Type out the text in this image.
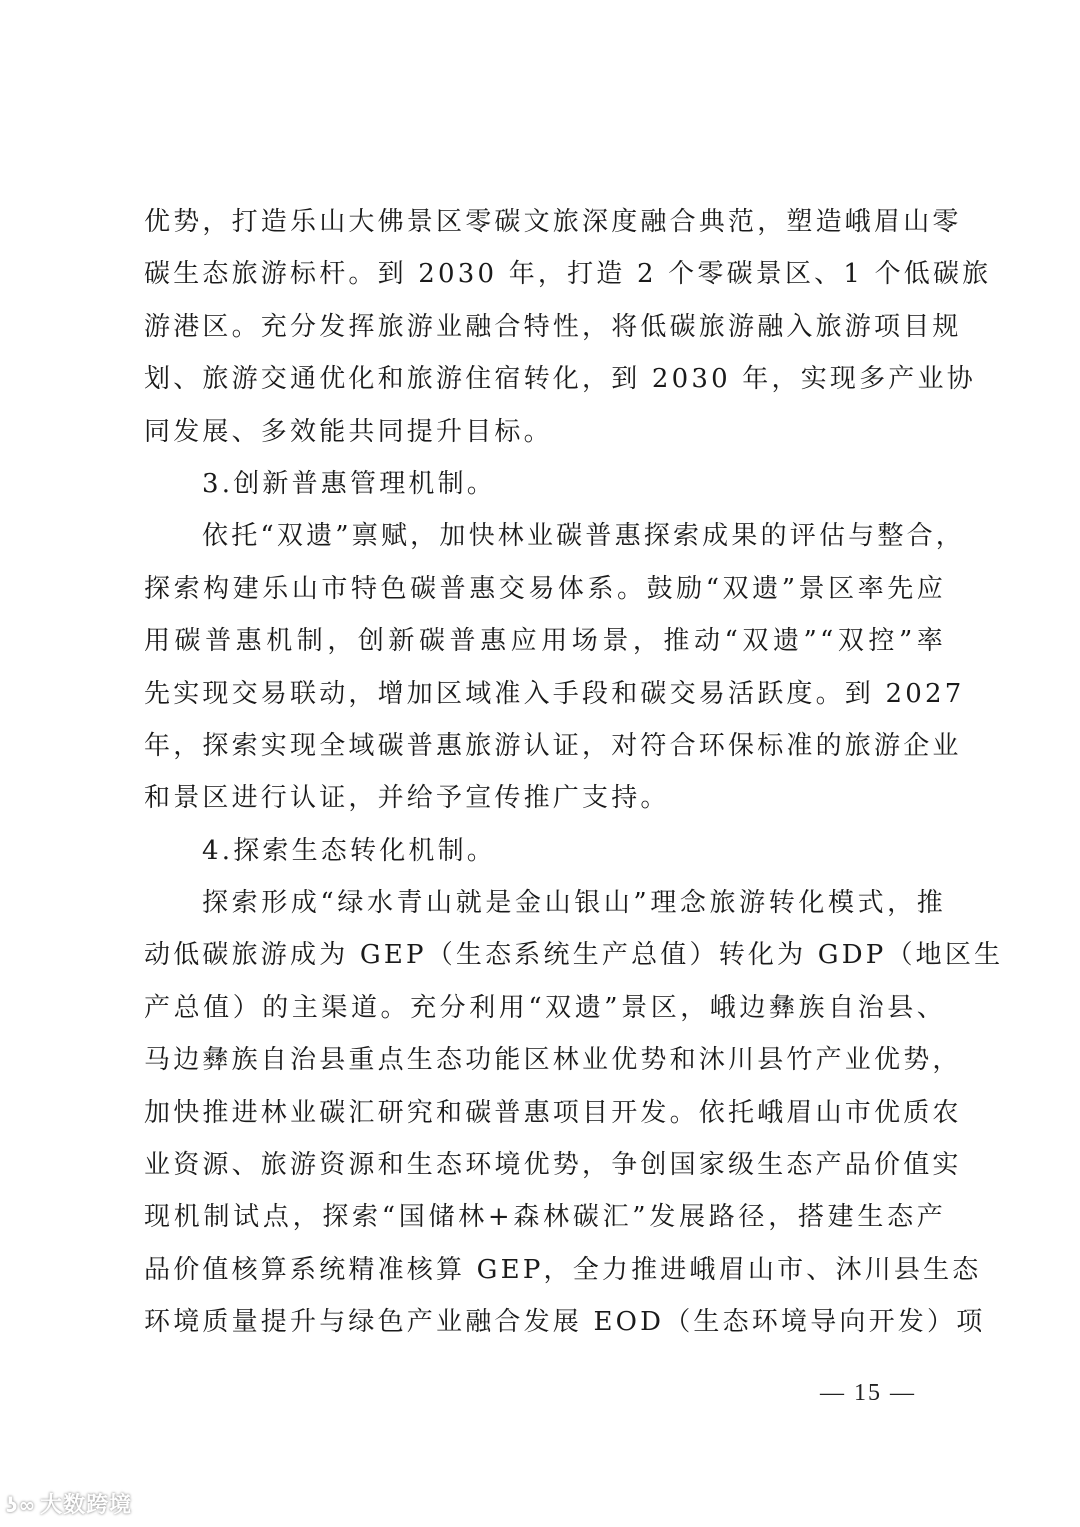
优势，打造乐山大佛景区零碳文旅深度融合典范，塑造峨眉山零
碳生态旅游标杆。到 2030 年，打造 2 个零碳景区、1 个低碳旅
游港区。充分发挥旅游业融合特性，将低碳旅游融入旅游项目规
划、旅游交通优化和旅游住宿转化，到 2030 年，实现多产业协
同发展、多效能共同提升目标。
3.创新普惠管理机制。
依托“双遗”禀赋，加快林业碳普惠探索成果的评估与整合，
探索构建乐山市特色碳普惠交易体系。鼓励“双遗”景区率先应
用碳普惠机制，创新碳普惠应用场景，推动“双遗”“双控”率
先实现交易联动，增加区域准入手段和碳交易活跃度。到 2027
年，探索实现全域碳普惠旅游认证，对符合环保标准的旅游企业
和景区进行认证，并给予宣传推广支持。
4.探索生态转化机制。
探索形成“绿水青山就是金山银山”理念旅游转化模式，推
动低碳旅游成为 GEP（生态系统生产总值）转化为 GDP（地区生
产总值）的主渠道。充分利用“双遗”景区，峨边彝族自治县、
马边彝族自治县重点生态功能区林业优势和沐川县竹产业优势，
加快推进林业碳汇研究和碳普惠项目开发。依托峨眉山市优质农
业资源、旅游资源和生态环境优势，争创国家级生态产品价值实
现机制试点，探索“国储林+森林碳汇”发展路径，搭建生态产
品价值核算系统精准核算 GEP，全力推进峨眉山市、沐川县生态
环境质量提升与绿色产业融合发展 EOD（生态环境导向开发）项
— 15 —
ʖ∞ 大数跨境
